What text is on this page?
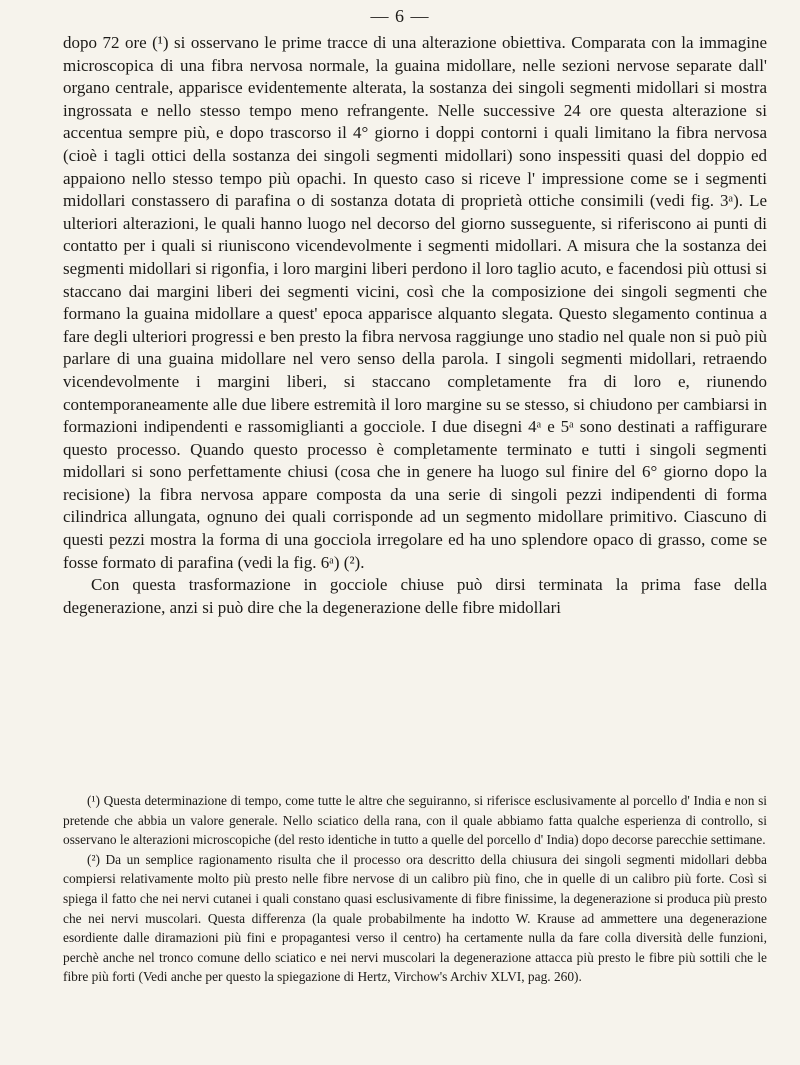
— 6 —

dopo 72 ore (¹) si osservano le prime tracce di una alterazione obiettiva. Comparata con la immagine microscopica di una fibra nervosa normale, la guaina midollare, nelle sezioni nervose separate dall' organo centrale, apparisce evidentemente alterata, la sostanza dei singoli segmenti midollari si mostra ingrossata e nello stesso tempo meno refrangente. Nelle successive 24 ore questa alterazione si accentua sempre più, e dopo trascorso il 4° giorno i doppi contorni i quali limitano la fibra nervosa (cioè i tagli ottici della sostanza dei singoli segmenti midollari) sono inspessiti quasi del doppio ed appaiono nello stesso tempo più opachi. In questo caso si riceve l' impressione come se i segmenti midollari constassero di parafina o di sostanza dotata di proprietà ottiche consimili (vedi fig. 3ᵃ). Le ulteriori alterazioni, le quali hanno luogo nel decorso del giorno susseguente, si riferiscono ai punti di contatto per i quali si riuniscono vicendevolmente i segmenti midollari. A misura che la sostanza dei segmenti midollari si rigonfia, i loro margini liberi perdono il loro taglio acuto, e facendosi più ottusi si staccano dai margini liberi dei segmenti vicini, così che la composizione dei singoli segmenti che formano la guaina midollare a quest' epoca apparisce alquanto slegata. Questo slegamento continua a fare degli ulteriori progressi e ben presto la fibra nervosa raggiunge uno stadio nel quale non si può più parlare di una guaina midollare nel vero senso della parola. I singoli segmenti midollari, retraendo vicendevolmente i margini liberi, si staccano completamente fra di loro e, riunendo contemporaneamente alle due libere estremità il loro margine su se stesso, si chiudono per cambiarsi in formazioni indipendenti e rassomiglianti a gocciole. I due disegni 4ᵃ e 5ᵃ sono destinati a raffigurare questo processo. Quando questo processo è completamente terminato e tutti i singoli segmenti midollari si sono perfettamente chiusi (cosa che in genere ha luogo sul finire del 6° giorno dopo la recisione) la fibra nervosa appare composta da una serie di singoli pezzi indipendenti di forma cilindrica allungata, ognuno dei quali corrisponde ad un segmento midollare primitivo. Ciascuno di questi pezzi mostra la forma di una gocciola irregolare ed ha uno splendore opaco di grasso, come se fosse formato di parafina (vedi la fig. 6ᵃ) (²).

Con questa trasformazione in gocciole chiuse può dirsi terminata la prima fase della degenerazione, anzi si può dire che la degenerazione delle fibre midollari

(¹) Questa determinazione di tempo, come tutte le altre che seguiranno, si riferisce esclusivamente al porcello d' India e non si pretende che abbia un valore generale. Nello sciatico della rana, con il quale abbiamo fatta qualche esperienza di controllo, si osservano le alterazioni microscopiche (del resto identiche in tutto a quelle del porcello d' India) dopo decorse parecchie settimane.

(²) Da un semplice ragionamento risulta che il processo ora descritto della chiusura dei singoli segmenti midollari debba compiersi relativamente molto più presto nelle fibre nervose di un calibro più fino, che in quelle di un calibro più forte. Così si spiega il fatto che nei nervi cutanei i quali constano quasi esclusivamente di fibre finissime, la degenerazione si produca più presto che nei nervi muscolari. Questa differenza (la quale probabilmente ha indotto W. Krause ad ammettere una degenerazione esordiente dalle diramazioni più fini e propagantesi verso il centro) ha certamente nulla da fare colla diversità delle funzioni, perchè anche nel tronco comune dello sciatico e nei nervi muscolari la degenerazione attacca più presto le fibre più sottili che le fibre più forti (Vedi anche per questo la spiegazione di Hertz, Virchow's Archiv XLVI, pag. 260).
